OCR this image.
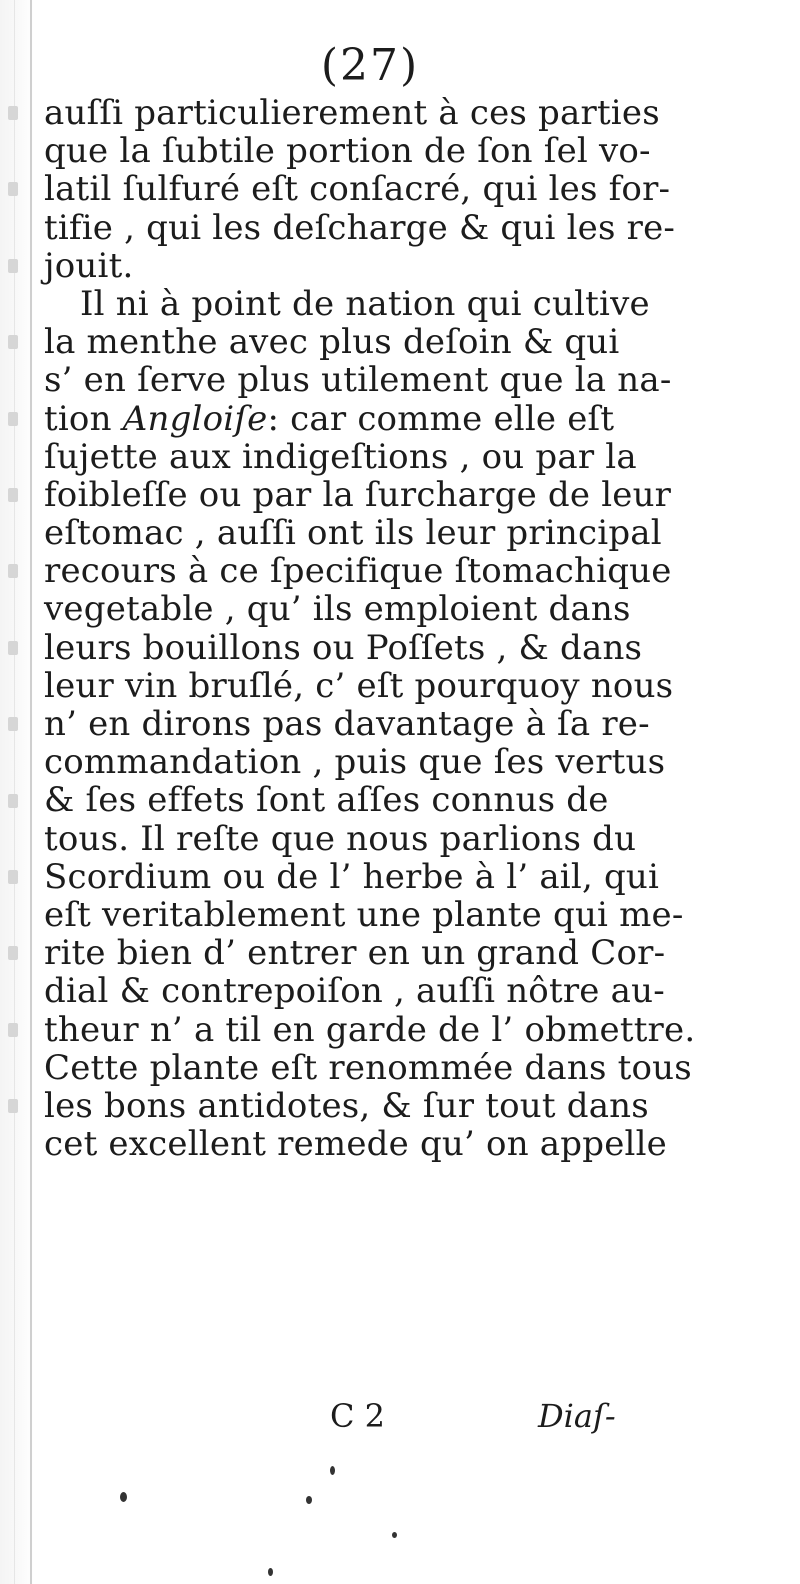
(27)
auſſi particulierement à ces parties
que la ſubtile portion de ſon ſel vo-
latil ſulfuré eſt conſacré, qui les for-
tifie , qui les deſcharge & qui les re-
jouit.
Il ni à point de nation qui cultive
la menthe avec plus deſoin & qui
s’ en ſerve plus utilement que la na-
tion Angloiſe: car comme elle eſt
ſujette aux indigeſtions , ou par la
foibleſſe ou par la ſurcharge de leur
eſtomac , auſſi ont ils leur principal
recours à ce ſpecifique ſtomachique
vegetable , qu’ ils emploient dans
leurs bouillons ou Poſſets , & dans
leur vin bruſlé, c’ eſt pourquoy nous
n’ en dirons pas davantage à ſa re-
commandation , puis que ſes vertus
& ſes effets ſont aſſes connus de
tous. Il reſte que nous parlions du
Scordium ou de l’ herbe à l’ ail, qui
eſt veritablement une plante qui me-
rite bien d’ entrer en un grand Cor-
dial & contrepoiſon , auſſi nôtre au-
theur n’ a til en garde de l’ obmettre.
Cette plante eſt renommée dans tous
les bons antidotes, & ſur tout dans
cet excellent remede qu’ on appelle
C 2	Diaſ-
